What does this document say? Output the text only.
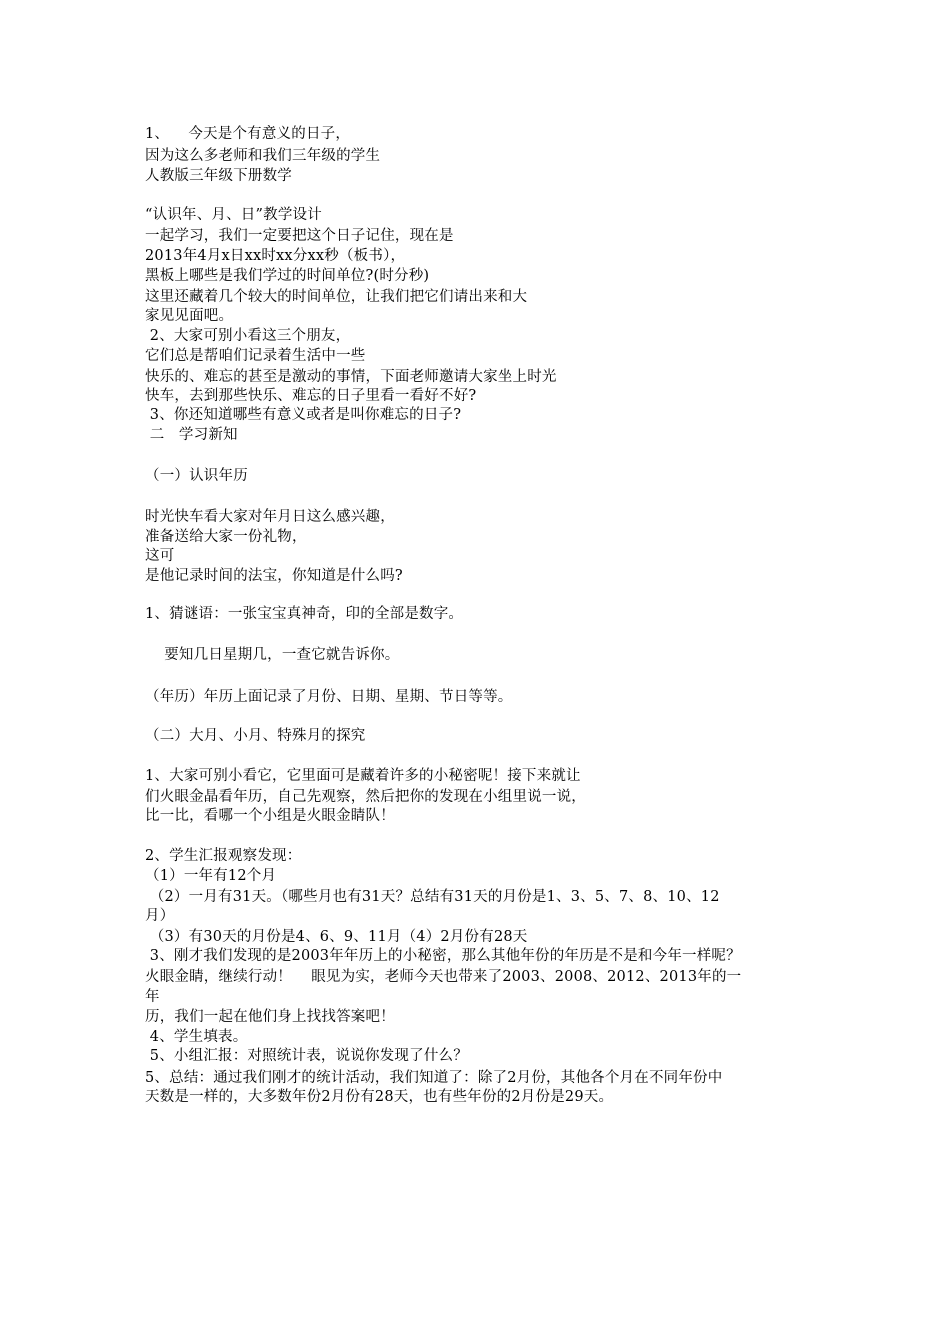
1、    今天是个有意义的日子，
因为这么多老师和我们三年级的学生
人教版三年级下册数学
“认识年、月、日”教学设计
一起学习，我们一定要把这个日子记住，现在是
2013年4月x日xx时xx分xx秒（板书），
黑板上哪些是我们学过的时间单位?(时分秒)
这里还藏着几个较大的时间单位，让我们把它们请出来和大
家见见面吧。
2、大家可别小看这三个朋友，
它们总是帮咱们记录着生活中一些
快乐的、难忘的甚至是激动的事情，下面老师邀请大家坐上时光
快车，去到那些快乐、难忘的日子里看一看好不好?
3、你还知道哪些有意义或者是叫你难忘的日子?
二   学习新知
（一）认识年历
时光快车看大家对年月日这么感兴趣，
准备送给大家一份礼物，
这可
是他记录时间的法宝，你知道是什么吗?
1、猜谜语：一张宝宝真神奇，印的全部是数字。
要知几日星期几，一查它就告诉你。
（年历）年历上面记录了月份、日期、星期、节日等等。
（二）大月、小月、特殊月的探究
1、大家可别小看它，它里面可是藏着许多的小秘密呢！接下来就让
们火眼金晶看年历，自己先观察，然后把你的发现在小组里说一说，
比一比，看哪一个小组是火眼金睛队！
2、学生汇报观察发现：
（1）一年有12个月
（2）一月有31天。（哪些月也有31天？总结有31天的月份是1、3、5、7、8、10、12
月）
（3）有30天的月份是4、6、9、11月（4）2月份有28天
3、刚才我们发现的是2003年年历上的小秘密，那么其他年份的年历是不是和今年一样呢？
火眼金睛，继续行动！    眼见为实，老师今天也带来了2003、2008、2012、2013年的一
年
历，我们一起在他们身上找找答案吧！
4、学生填表。
5、小组汇报：对照统计表，说说你发现了什么？
5、总结：通过我们刚才的统计活动，我们知道了：除了2月份，其他各个月在不同年份中
天数是一样的，大多数年份2月份有28天，也有些年份的2月份是29天。
